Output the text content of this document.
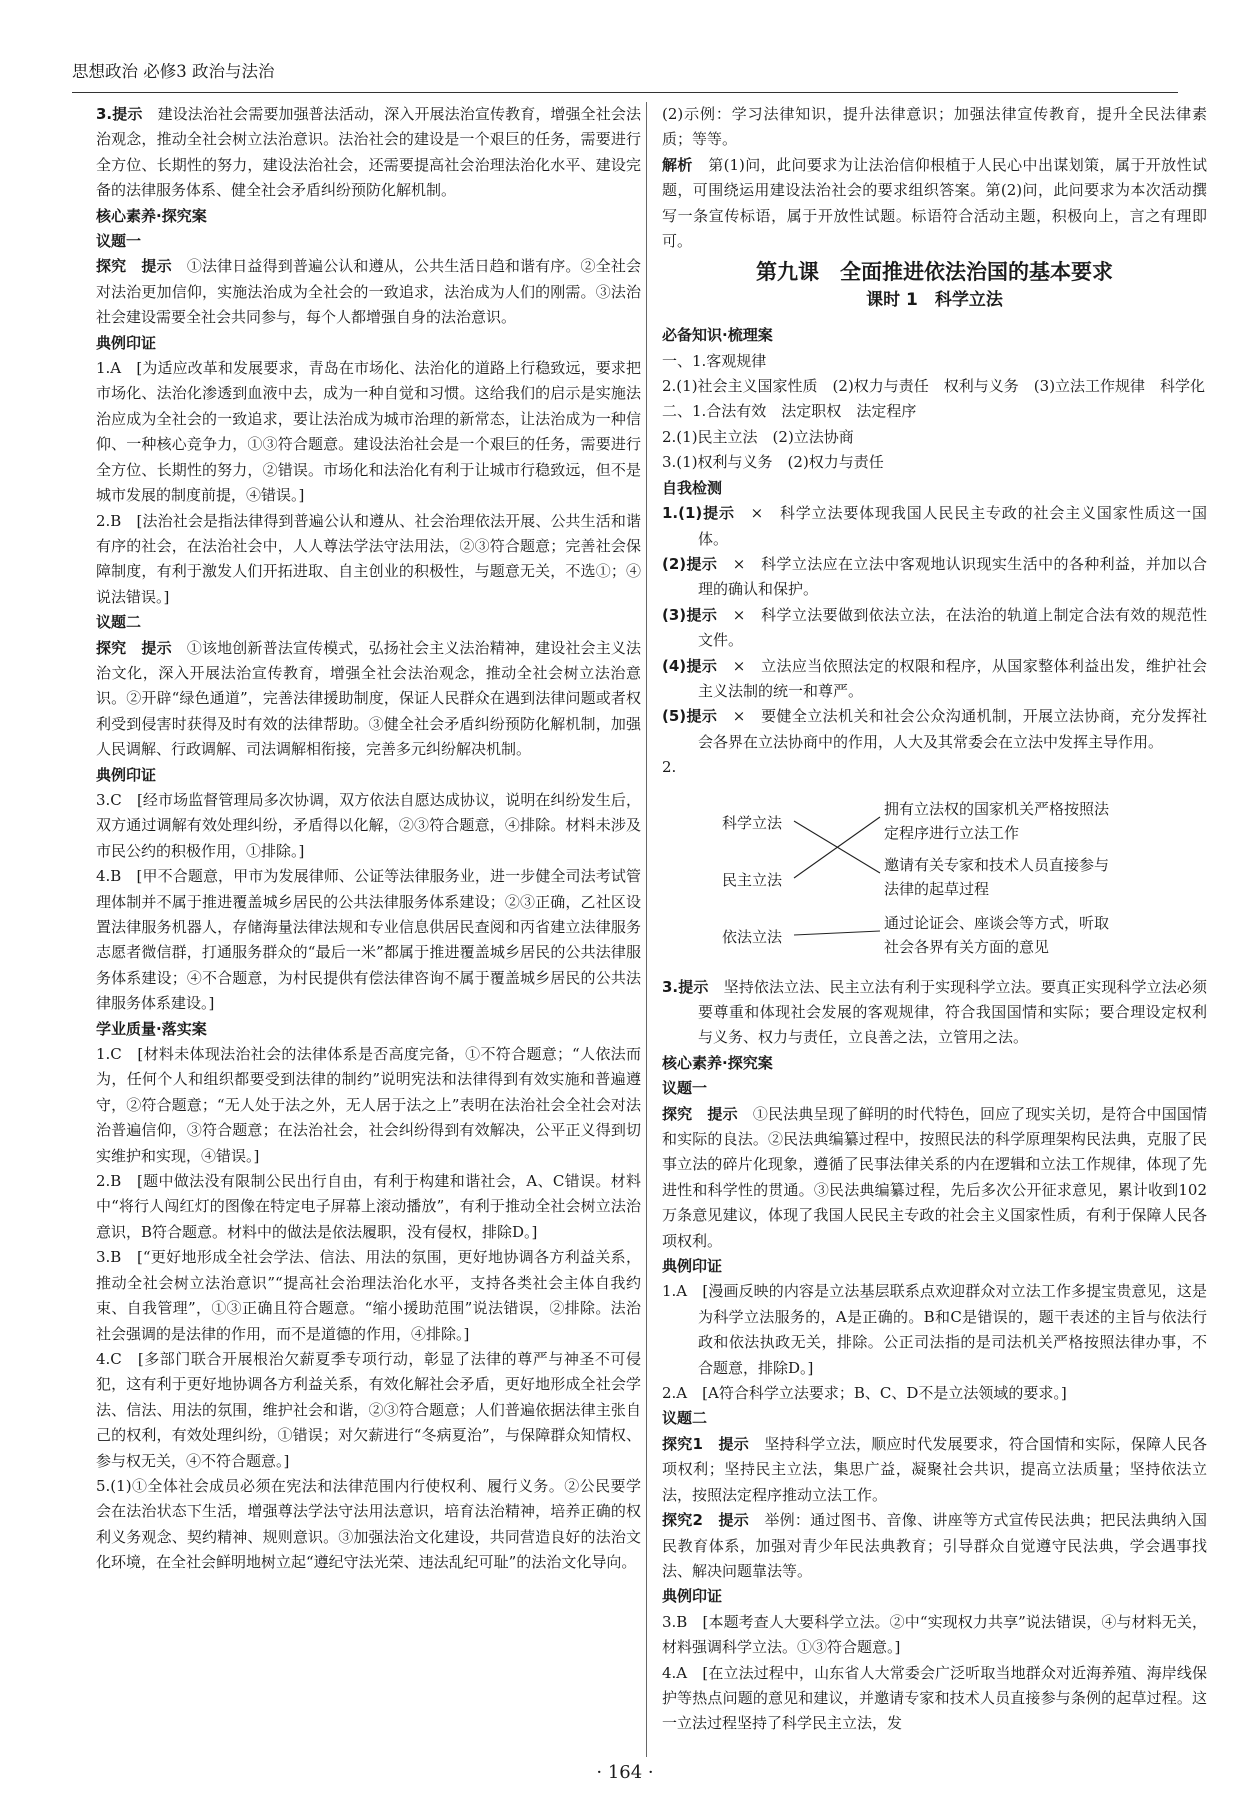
思想政治 必修3 政治与法治
3.提示　建设法治社会需要加强普法活动，深入开展法治宣传教育，增强全社会法治观念，推动全社会树立法治意识。法治社会的建设是一个艰巨的任务，需要进行全方位、长期性的努力，建设法治社会，还需要提高社会治理法治化水平、建设完备的法律服务体系、健全社会矛盾纠纷预防化解机制。
核心素养·探究案
议题一
探究　提示　①法律日益得到普遍公认和遵从，公共生活日趋和谐有序。②全社会对法治更加信仰，实施法治成为全社会的一致追求，法治成为人们的刚需。③法治社会建设需要全社会共同参与，每个人都增强自身的法治意识。
典例印证
1.A　[为适应改革和发展要求，青岛在市场化、法治化的道路上行稳致远，要求把市场化、法治化渗透到血液中去，成为一种自觉和习惯。这给我们的启示是实施法治应成为全社会的一致追求，要让法治成为城市治理的新常态，让法治成为一种信仰、一种核心竞争力，①③符合题意。建设法治社会是一个艰巨的任务，需要进行全方位、长期性的努力，②错误。市场化和法治化有利于让城市行稳致远，但不是城市发展的制度前提，④错误。]
2.B　[法治社会是指法律得到普遍公认和遵从、社会治理依法开展、公共生活和谐有序的社会，在法治社会中，人人尊法学法守法用法，②③符合题意；完善社会保障制度，有利于激发人们开拓进取、自主创业的积极性，与题意无关，不选①；④说法错误。]
议题二
探究　提示　①该地创新普法宣传模式，弘扬社会主义法治精神，建设社会主义法治文化，深入开展法治宣传教育，增强全社会法治观念，推动全社会树立法治意识。②开辟“绿色通道”，完善法律援助制度，保证人民群众在遇到法律问题或者权利受到侵害时获得及时有效的法律帮助。③健全社会矛盾纠纷预防化解机制，加强人民调解、行政调解、司法调解相衔接，完善多元纠纷解决机制。
典例印证
3.C　[经市场监督管理局多次协调，双方依法自愿达成协议，说明在纠纷发生后，双方通过调解有效处理纠纷，矛盾得以化解，②③符合题意，④排除。材料未涉及市民公约的积极作用，①排除。]
4.B　[甲不合题意，甲市为发展律师、公证等法律服务业，进一步健全司法考试管理体制并不属于推进覆盖城乡居民的公共法律服务体系建设；②③正确，乙社区设置法律服务机器人，存储海量法律法规和专业信息供居民查阅和丙省建立法律服务志愿者微信群，打通服务群众的“最后一米”都属于推进覆盖城乡居民的公共法律服务体系建设；④不合题意，为村民提供有偿法律咨询不属于覆盖城乡居民的公共法律服务体系建设。]
学业质量·落实案
1.C　[材料未体现法治社会的法律体系是否高度完备，①不符合题意；“人依法而为，任何个人和组织都要受到法律的制约”说明宪法和法律得到有效实施和普遍遵守，②符合题意；“无人处于法之外，无人居于法之上”表明在法治社会全社会对法治普遍信仰，③符合题意；在法治社会，社会纠纷得到有效解决，公平正义得到切实维护和实现，④错误。]
2.B　[题中做法没有限制公民出行自由，有利于构建和谐社会，A、C错误。材料中“将行人闯红灯的图像在特定电子屏幕上滚动播放”，有利于推动全社会树立法治意识，B符合题意。材料中的做法是依法履职，没有侵权，排除D。]
3.B　[“更好地形成全社会学法、信法、用法的氛围，更好地协调各方利益关系，推动全社会树立法治意识”“提高社会治理法治化水平，支持各类社会主体自我约束、自我管理”，①③正确且符合题意。“缩小援助范围”说法错误，②排除。法治社会强调的是法律的作用，而不是道德的作用，④排除。]
4.C　[多部门联合开展根治欠薪夏季专项行动，彰显了法律的尊严与神圣不可侵犯，这有利于更好地协调各方利益关系，有效化解社会矛盾，更好地形成全社会学法、信法、用法的氛围，维护社会和谐，②③符合题意；人们普遍依据法律主张自己的权利，有效处理纠纷，①错误；对欠薪进行“冬病夏治”，与保障群众知情权、参与权无关，④不符合题意。]
5.(1)①全体社会成员必须在宪法和法律范围内行使权利、履行义务。②公民要学会在法治状态下生活，增强尊法学法守法用法意识，培育法治精神，培养正确的权利义务观念、契约精神、规则意识。③加强法治文化建设，共同营造良好的法治文化环境，在全社会鲜明地树立起“遵纪守法光荣、违法乱纪可耻”的法治文化导向。
(2)示例：学习法律知识，提升法律意识；加强法律宣传教育，提升全民法律素质；等等。
解析　第(1)问，此问要求为让法治信仰根植于人民心中出谋划策，属于开放性试题，可围绕运用建设法治社会的要求组织答案。第(2)问，此问要求为本次活动撰写一条宣传标语，属于开放性试题。标语符合活动主题，积极向上，言之有理即可。
第九课　全面推进依法治国的基本要求
课时 1　科学立法
必备知识·梳理案
一、1.客观规律
2.(1)社会主义国家性质　(2)权力与责任　权利与义务　(3)立法工作规律　科学化
二、1.合法有效　法定职权　法定程序
2.(1)民主立法　(2)立法协商
3.(1)权利与义务　(2)权力与责任
自我检测
1.(1)提示　×　科学立法要体现我国人民民主专政的社会主义国家性质这一国体。
(2)提示　×　科学立法应在立法中客观地认识现实生活中的各种利益，并加以合理的确认和保护。
(3)提示　×　科学立法要做到依法立法，在法治的轨道上制定合法有效的规范性文件。
(4)提示　×　立法应当依照法定的权限和程序，从国家整体利益出发，维护社会主义法制的统一和尊严。
(5)提示　×　要健全立法机关和社会公众沟通机制，开展立法协商，充分发挥社会各界在立法协商中的作用，人大及其常委会在立法中发挥主导作用。
2.
科学立法
民主立法
依法立法
拥有立法权的国家机关严格按照法定程序进行立法工作
邀请有关专家和技术人员直接参与法律的起草过程
通过论证会、座谈会等方式，听取社会各界有关方面的意见
3.提示　坚持依法立法、民主立法有利于实现科学立法。要真正实现科学立法必须要尊重和体现社会发展的客观规律，符合我国国情和实际；要合理设定权利与义务、权力与责任，立良善之法，立管用之法。
核心素养·探究案
议题一
探究　提示　①民法典呈现了鲜明的时代特色，回应了现实关切，是符合中国国情和实际的良法。②民法典编纂过程中，按照民法的科学原理架构民法典，克服了民事立法的碎片化现象，遵循了民事法律关系的内在逻辑和立法工作规律，体现了先进性和科学性的贯通。③民法典编纂过程，先后多次公开征求意见，累计收到102万条意见建议，体现了我国人民民主专政的社会主义国家性质，有利于保障人民各项权利。
典例印证
1.A　[漫画反映的内容是立法基层联系点欢迎群众对立法工作多提宝贵意见，这是为科学立法服务的，A是正确的。B和C是错误的，题干表述的主旨与依法行政和依法执政无关，排除。公正司法指的是司法机关严格按照法律办事，不合题意，排除D。]
2.A　[A符合科学立法要求；B、C、D不是立法领域的要求。]
议题二
探究1　提示　坚持科学立法，顺应时代发展要求，符合国情和实际，保障人民各项权利；坚持民主立法，集思广益，凝聚社会共识，提高立法质量；坚持依法立法，按照法定程序推动立法工作。
探究2　提示　举例：通过图书、音像、讲座等方式宣传民法典；把民法典纳入国民教育体系，加强对青少年民法典教育；引导群众自觉遵守民法典，学会遇事找法、解决问题靠法等。
典例印证
3.B　[本题考查人大要科学立法。②中“实现权力共享”说法错误，④与材料无关，材料强调科学立法。①③符合题意。]
4.A　[在立法过程中，山东省人大常委会广泛听取当地群众对近海养殖、海岸线保护等热点问题的意见和建议，并邀请专家和技术人员直接参与条例的起草过程。这一立法过程坚持了科学民主立法，发
· 164 ·
